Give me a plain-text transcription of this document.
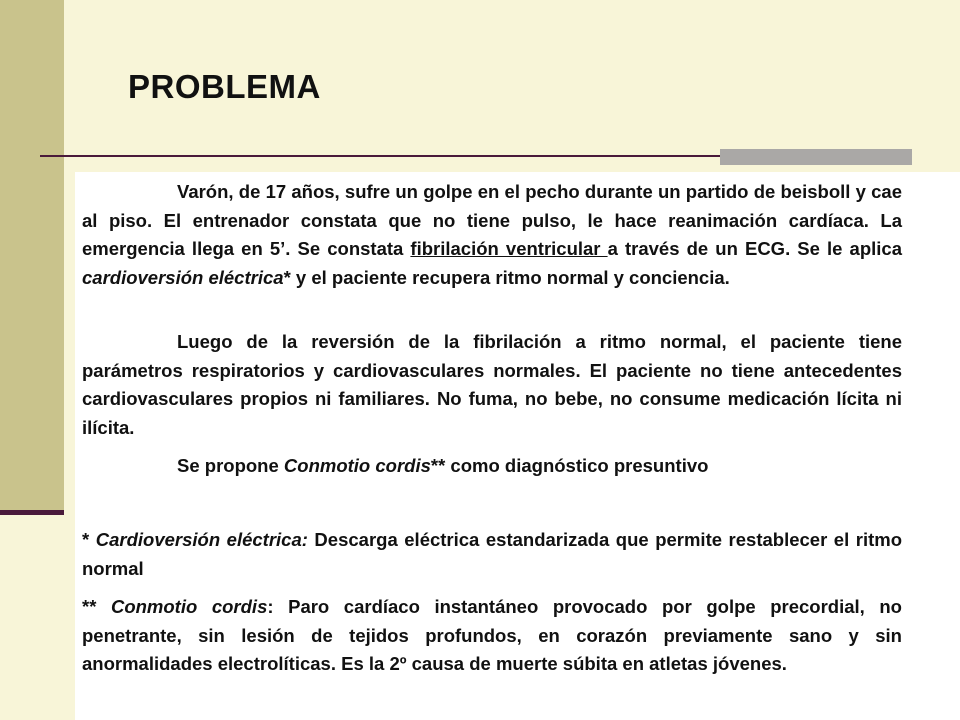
PROBLEMA

Varón, de 17 años, sufre un golpe en el pecho durante un partido de beisboll y cae al piso. El entrenador constata que no tiene pulso, le hace reanimación cardíaca. La emergencia llega en 5’. Se constata fibrilación ventricular a través de un ECG. Se le aplica cardioversión eléctrica* y el paciente recupera ritmo normal y conciencia.

Luego de la reversión de la fibrilación a ritmo normal, el paciente tiene parámetros respiratorios y cardiovasculares normales. El paciente no tiene antecedentes cardiovasculares propios ni familiares. No fuma, no bebe, no consume medicación lícita ni ilícita.

Se propone Conmotio cordis** como diagnóstico presuntivo

* Cardioversión eléctrica: Descarga eléctrica estandarizada que permite restablecer el ritmo normal

** Conmotio cordis: Paro cardíaco instantáneo provocado por golpe precordial, no penetrante, sin lesión de tejidos profundos, en corazón previamente sano y sin anormalidades electrolíticas. Es la 2º causa de muerte súbita en atletas jóvenes.
